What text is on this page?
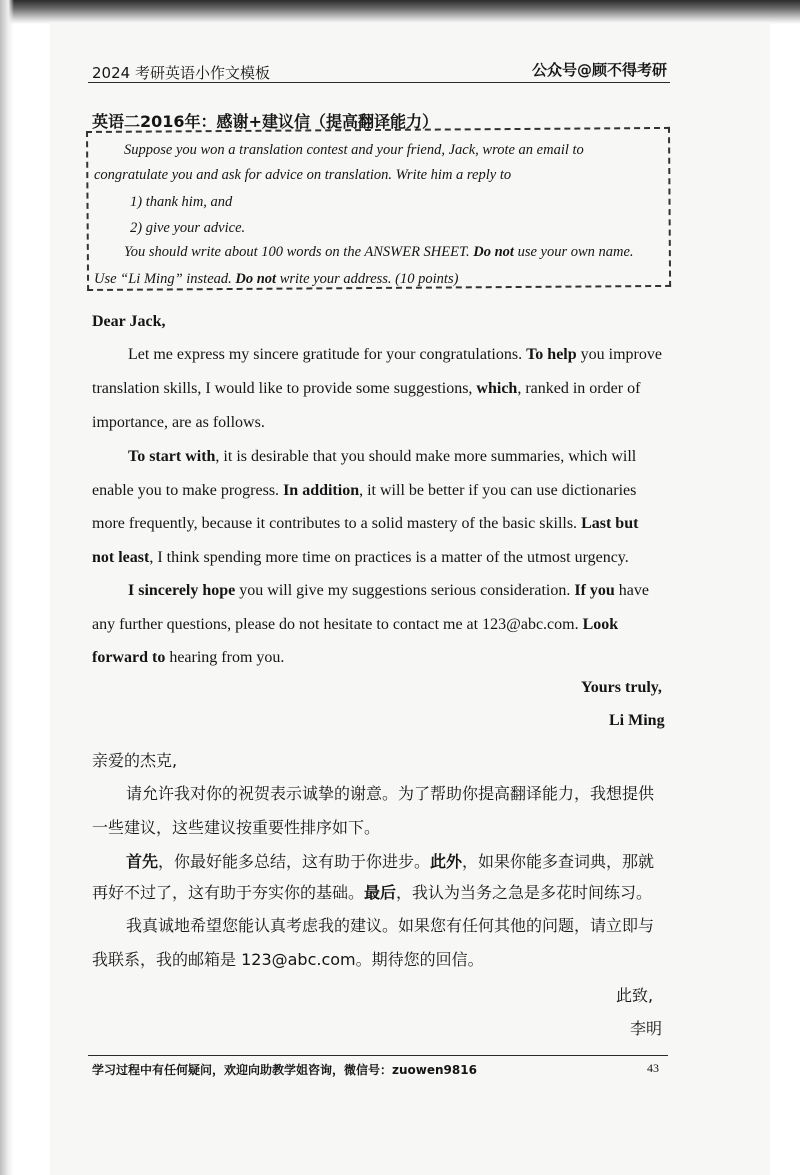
2024 考研英语小作文模板	公众号@顾不得考研
英语二2016年：感谢+建议信（提高翻译能力）
Suppose you won a translation contest and your friend, Jack, wrote an email to
congratulate you and ask for advice on translation. Write him a reply to
1) thank him, and
2) give your advice.
You should write about 100 words on the ANSWER SHEET. Do not use your own name.
Use “Li Ming” instead. Do not write your address. (10 points)
Dear Jack,
Let me express my sincere gratitude for your congratulations. To help you improve
translation skills, I would like to provide some suggestions, which, ranked in order of
importance, are as follows.
To start with, it is desirable that you should make more summaries, which will
enable you to make progress. In addition, it will be better if you can use dictionaries
more frequently, because it contributes to a solid mastery of the basic skills. Last but
not least, I think spending more time on practices is a matter of the utmost urgency.
I sincerely hope you will give my suggestions serious consideration. If you have
any further questions, please do not hesitate to contact me at 123@abc.com. Look
forward to hearing from you.
Yours truly,
Li Ming
亲爱的杰克,
请允许我对你的祝贺表示诚挚的谢意。为了帮助你提高翻译能力，我想提供
一些建议，这些建议按重要性排序如下。
首先，你最好能多总结，这有助于你进步。此外，如果你能多查词典，那就
再好不过了，这有助于夯实你的基础。最后，我认为当务之急是多花时间练习。
我真诚地希望您能认真考虑我的建议。如果您有任何其他的问题，请立即与
我联系，我的邮箱是 123@abc.com。期待您的回信。
此致,
李明
学习过程中有任何疑问，欢迎向助教学姐咨询，微信号：zuowen9816	43
